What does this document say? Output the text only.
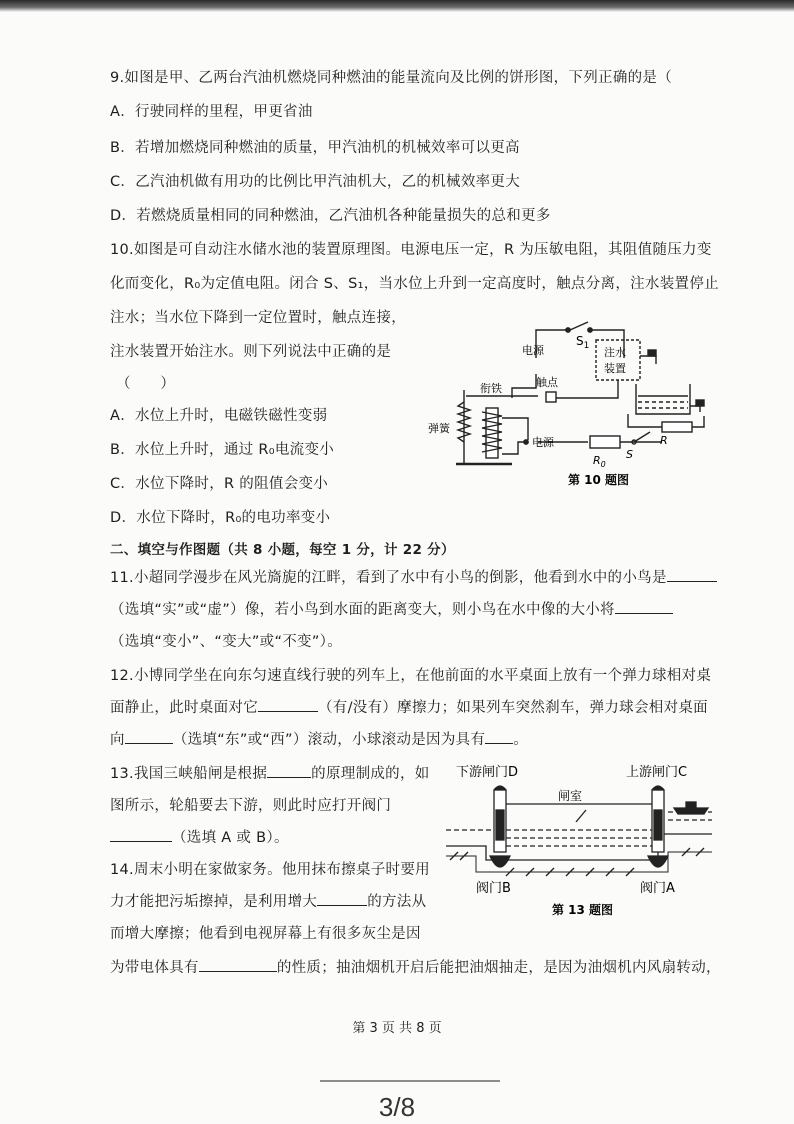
9.如图是甲、乙两台汽油机燃烧同种燃油的能量流向及比例的饼形图，下列正确的是（
A．行驶同样的里程，甲更省油
B．若增加燃烧同种燃油的质量，甲汽油机的机械效率可以更高
C．乙汽油机做有用功的比例比甲汽油机大，乙的机械效率更大
D．若燃烧质量相同的同种燃油，乙汽油机各种能量损失的总和更多
10.如图是可自动注水储水池的装置原理图。电源电压一定，R 为压敏电阻，其阻值随压力变
化而变化，R₀为定值电阻。闭合 S、S₁，当水位上升到一定高度时，触点分离，注水装置停止
注水；当水位下降到一定位置时，触点连接，
注水装置开始注水。则下列说法中正确的是
（　　）
A．水位上升时，电磁铁磁性变弱
B．水位上升时，通过 R₀电流变小
C．水位下降时，R 的阻值会变小
D．水位下降时，R₀的电功率变小
$S_1$
电源	注水
装置
衔铁	触点
弹簧
电源
$R_0$
R
S
第 10 题图
二、填空与作图题（共 8 小题，每空 1 分，计 22 分）
11.小超同学漫步在风光旖旎的江畔，看到了水中有小鸟的倒影，他看到水中的小鸟是
（选填“实”或“虚”）像，若小鸟到水面的距离变大，则小鸟在水中像的大小将
（选填“变小”、“变大”或“不变”）。
12.小博同学坐在向东匀速直线行驶的列车上，在他前面的水平桌面上放有一个弹力球相对桌
面静止，此时桌面对它	（有/没有）摩擦力；如果列车突然刹车，弹力球会相对桌面
向	（选填“东”或“西”）滚动，小球滚动是因为具有 。
13.我国三峡船闸是根据	的原理制成的，如
图所示，轮船要去下游，则此时应打开阀门
（选填 A 或 B）。
14.周末小明在家做家务。他用抹布擦桌子时要用
力才能把污垢擦掉，是利用增大	的方法从
而增大摩擦；他看到电视屏幕上有很多灰尘是因
为带电体具有	的性质；抽油烟机开启后能把油烟抽走，是因为油烟机内风扇转动，
下游闸门D	上游闸门C
闸室
阀门B	阀门A
第 13 题图
第 3 页 共 8 页
3/8
